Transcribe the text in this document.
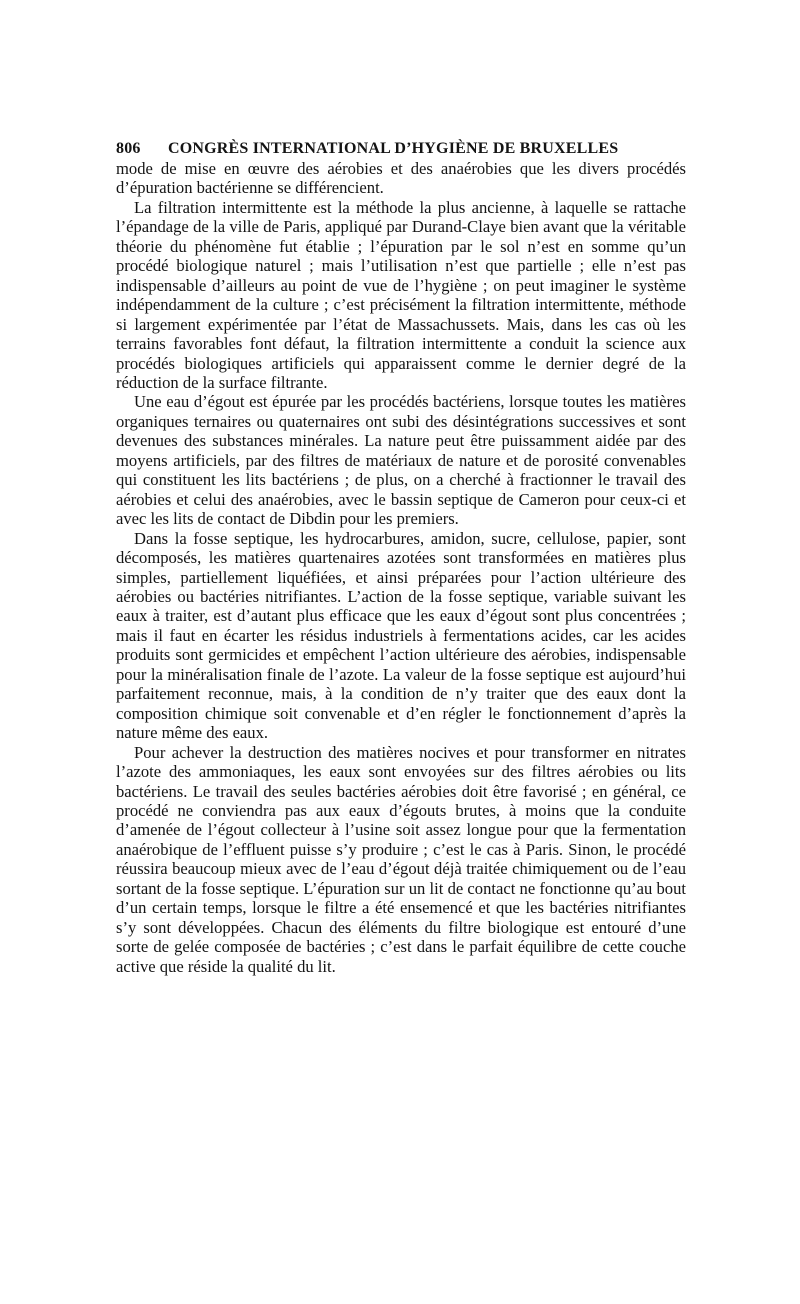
806	CONGRÈS INTERNATIONAL D’HYGIÈNE DE BRUXELLES

mode de mise en œuvre des aérobies et des anaérobies que les divers procédés d’épuration bactérienne se différencient.

La filtration intermittente est la méthode la plus ancienne, à laquelle se rattache l’épandage de la ville de Paris, appliqué par Durand-Claye bien avant que la véritable théorie du phénomène fut établie ; l’épuration par le sol n’est en somme qu’un procédé biologique naturel ; mais l’utilisation n’est que partielle ; elle n’est pas indispensable d’ailleurs au point de vue de l’hygiène ; on peut imaginer le système indépendamment de la culture ; c’est précisément la filtration intermittente, méthode si largement expérimentée par l’état de Massachussets. Mais, dans les cas où les terrains favorables font défaut, la filtration intermittente a conduit la science aux procédés biologiques artificiels qui apparaissent comme le dernier degré de la réduction de la surface filtrante.

Une eau d’égout est épurée par les procédés bactériens, lorsque toutes les matières organiques ternaires ou quaternaires ont subi des désintégrations successives et sont devenues des substances minérales. La nature peut être puissamment aidée par des moyens artificiels, par des filtres de matériaux de nature et de porosité convenables qui constituent les lits bactériens ; de plus, on a cherché à fractionner le travail des aérobies et celui des anaérobies, avec le bassin septique de Cameron pour ceux-ci et avec les lits de contact de Dibdin pour les premiers.

Dans la fosse septique, les hydrocarbures, amidon, sucre, cellulose, papier, sont décomposés, les matières quartenaires azotées sont transformées en matières plus simples, partiellement liquéfiées, et ainsi préparées pour l’action ultérieure des aérobies ou bactéries nitrifiantes. L’action de la fosse septique, variable suivant les eaux à traiter, est d’autant plus efficace que les eaux d’égout sont plus concentrées ; mais il faut en écarter les résidus industriels à fermentations acides, car les acides produits sont germicides et empêchent l’action ultérieure des aérobies, indispensable pour la minéralisation finale de l’azote. La valeur de la fosse septique est aujourd’hui parfaitement reconnue, mais, à la condition de n’y traiter que des eaux dont la composition chimique soit convenable et d’en régler le fonctionnement d’après la nature même des eaux.

Pour achever la destruction des matières nocives et pour transformer en nitrates l’azote des ammoniaques, les eaux sont envoyées sur des filtres aérobies ou lits bactériens. Le travail des seules bactéries aérobies doit être favorisé ; en général, ce procédé ne conviendra pas aux eaux d’égouts brutes, à moins que la conduite d’amenée de l’égout collecteur à l’usine soit assez longue pour que la fermentation anaérobique de l’effluent puisse s’y produire ; c’est le cas à Paris. Sinon, le procédé réussira beaucoup mieux avec de l’eau d’égout déjà traitée chimiquement ou de l’eau sortant de la fosse septique. L’épuration sur un lit de contact ne fonctionne qu’au bout d’un certain temps, lorsque le filtre a été ensemencé et que les bactéries nitrifiantes s’y sont développées. Chacun des éléments du filtre biologique est entouré d’une sorte de gelée composée de bactéries ; c’est dans le parfait équilibre de cette couche active que réside la qualité du lit.
